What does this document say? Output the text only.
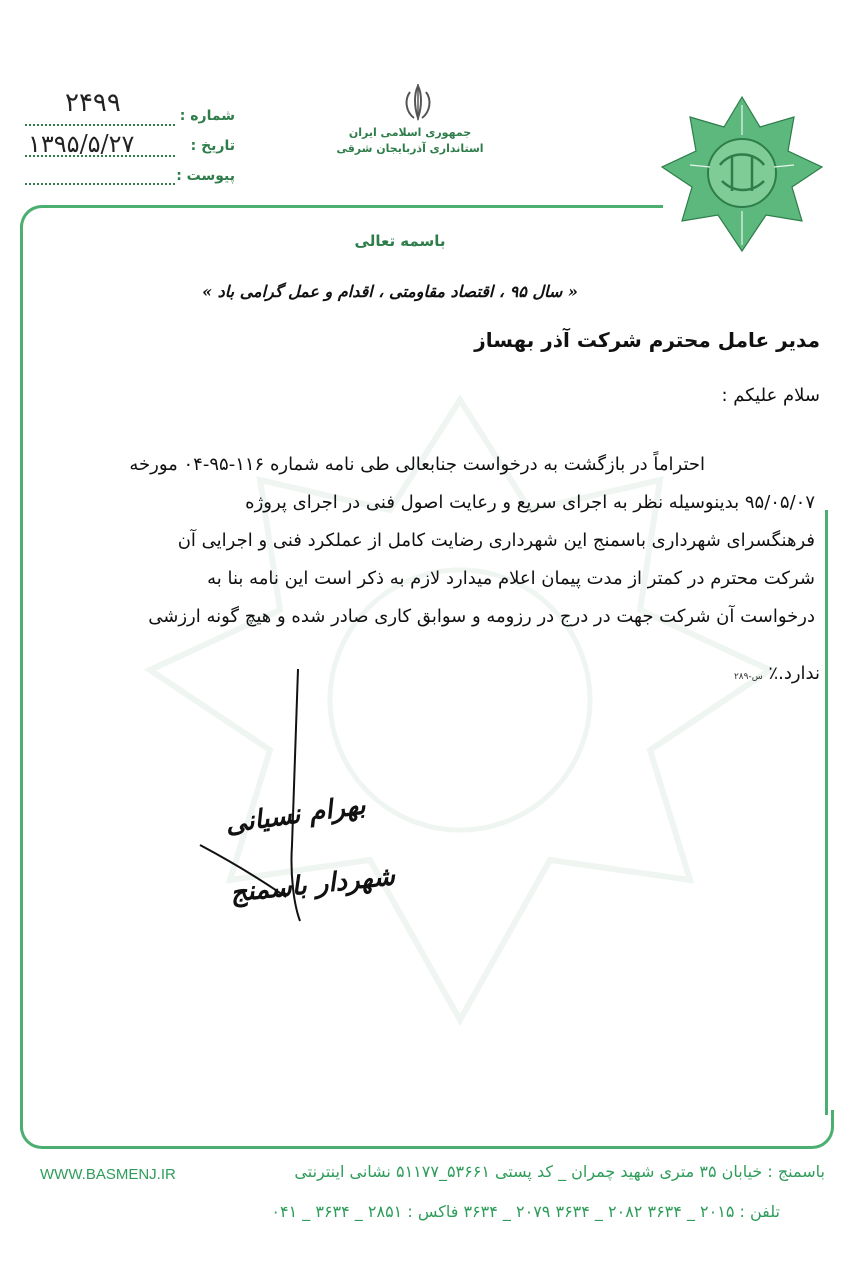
شماره :
۲۴۹۹
تاریخ :
۱۳۹۵/۵/۲۷
پیوست :
جمهوری اسلامی ایران
استانداری آذربایجان شرقی
باسمه تعالی
« سال ۹۵ ، اقتصاد مقاومتی ، اقدام و عمل گرامی باد »
مدیر عامل محترم شرکت آذر بهساز
سلام علیکم :
احتراماً در بازگشت به درخواست جنابعالی طی نامه شماره ۱۱۶-۹۵-۰۴ مورخه
۹۵/۰۵/۰۷ بدینوسیله نظر به اجرای سریع و رعایت اصول فنی در اجرای پروژه
فرهنگسرای شهرداری باسمنج این شهرداری رضایت کامل از عملکرد فنی و اجرایی آن
شرکت محترم در کمتر از مدت پیمان اعلام میدارد لازم به ذکر است این نامه بنا به
درخواست آن شرکت جهت در درج در رزومه و سوابق کاری صادر شده و هیچ گونه ارزشی
ندارد.٪ س-۲۸۹
بهرام نسیانی
شهردار باسمنج
باسمنج : خیابان ۳۵ متری شهید چمران _ کد پستی ۵۳۶۶۱_۵۱۱۷۷ نشانی اینترنتی
WWW.BASMENJ.IR
تلفن : ۲۰۱۵ _ ۳۶۳۴ ۲۰۸۲ _ ۳۶۳۴ ۲۰۷۹ _ ۳۶۳۴ فاکس : ۲۸۵۱ _ ۳۶۳۴ _ ۰۴۱
